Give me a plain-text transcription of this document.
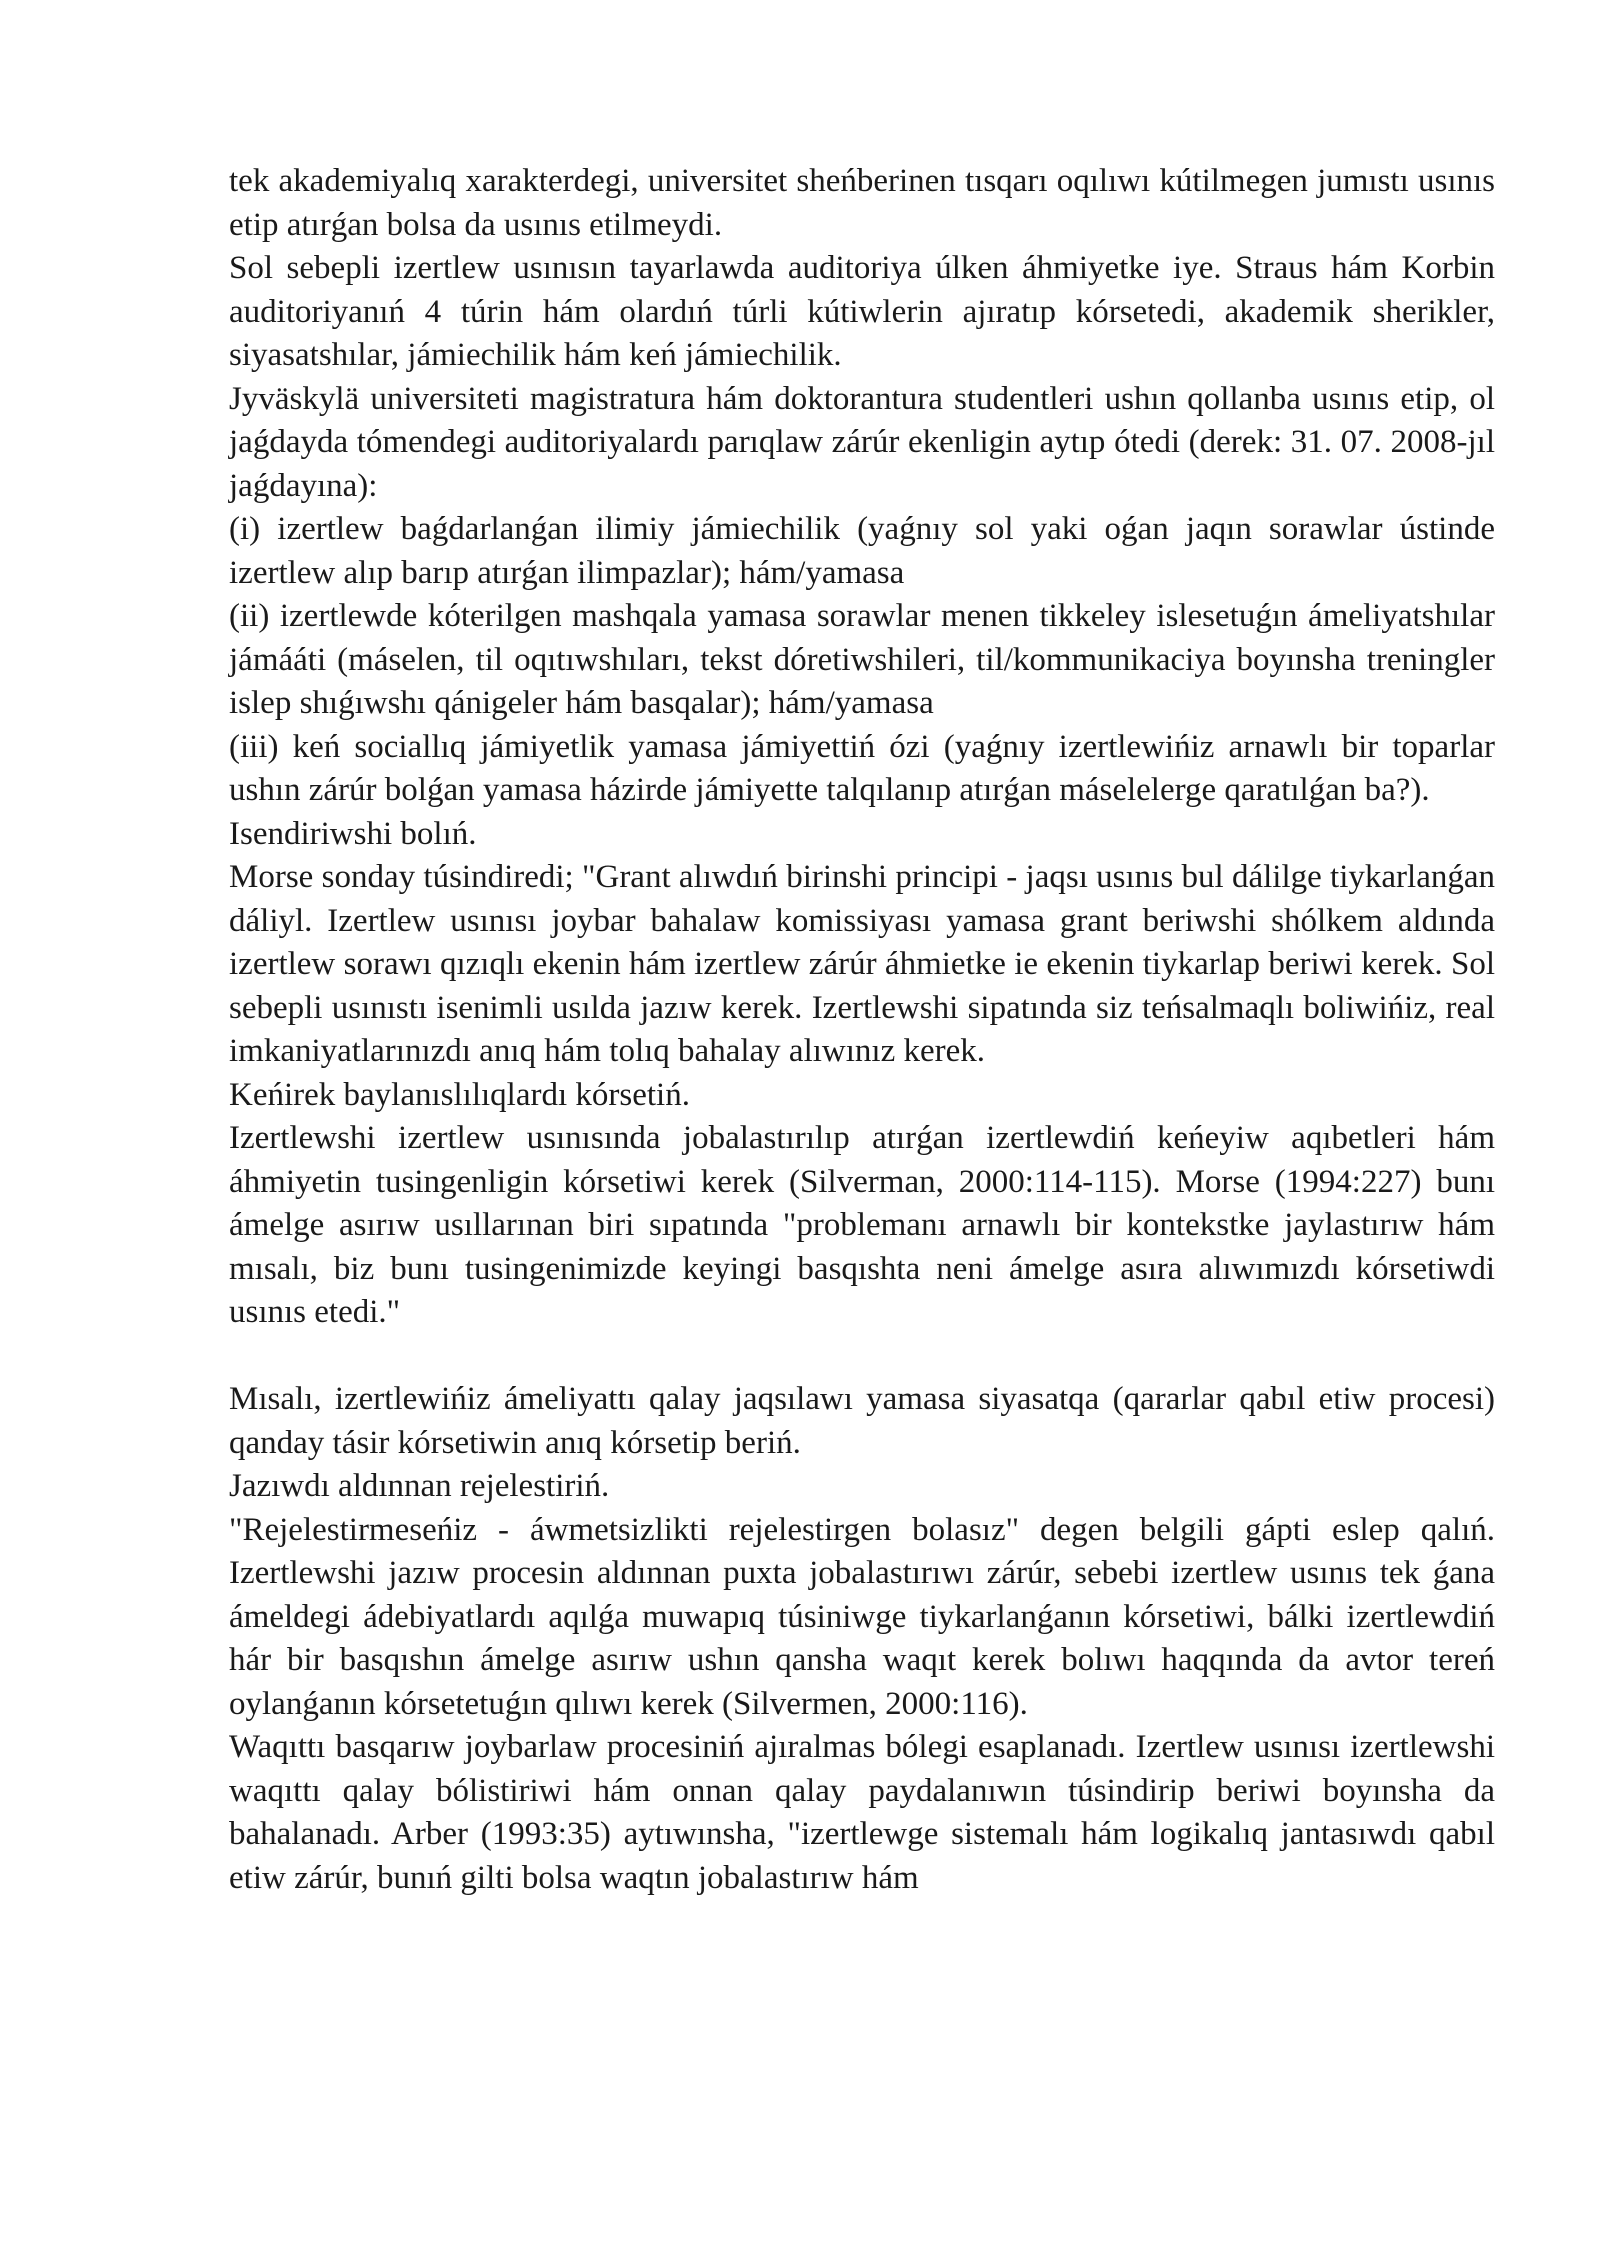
tek akademiyalıq xarakterdegi, universitet sheńberinen tısqarı oqılıwı kútilmegen jumıstı usınıs etip atırǵan bolsa da usınıs etilmeydi.

Sol sebepli izertlew usınısın tayarlawda auditoriya úlken áhmiyetke iye. Straus hám Korbin auditoriyanıń 4 túrin hám olardıń túrli kútiwlerin ajıratıp kórsetedi, akademik sherikler, siyasatshılar, jámiechilik hám keń jámiechilik.

Jyväskylä universiteti magistratura hám doktorantura studentleri ushın qollanba usınıs etip, ol jaǵdayda tómendegi auditoriyalardı parıqlaw zárúr ekenligin aytıp ótedi (derek: 31. 07. 2008-jıl jaǵdayına):

(i) izertlew baǵdarlanǵan ilimiy jámiechilik (yaǵnıy sol yaki oǵan jaqın sorawlar ústinde izertlew alıp barıp atırǵan ilimpazlar); hám/yamasa

(ii) izertlewde kóterilgen mashqala yamasa sorawlar menen tikkeley islesetuǵın ámeliyatshılar jámááti (máselen, til oqıtıwshıları, tekst dóretiwshileri, til/kommunikaciya boyınsha treningler islep shıǵıwshı qánigeler hám basqalar); hám/yamasa

(iii) keń sociallıq jámiyetlik yamasa jámiyettiń ózi (yaǵnıy izertlewińiz arnawlı bir toparlar ushın zárúr bolǵan yamasa házirde jámiyette talqılanıp atırǵan máselelerge qaratılǵan ba?).

Isendiriwshi bolıń.

Morse sonday túsindiredi; "Grant alıwdıń birinshi principi - jaqsı usınıs bul dálilge tiykarlanǵan dáliyl. Izertlew usınısı joybar bahalaw komissiyası yamasa grant beriwshi shólkem aldında izertlew sorawı qızıqlı ekenin hám izertlew zárúr áhmietke ie ekenin tiykarlap beriwi kerek. Sol sebepli usınıstı isenimli usılda jazıw kerek. Izertlewshi sipatında siz teńsalmaqlı boliwińiz, real imkaniyatlarınızdı anıq hám tolıq bahalay alıwınız kerek.

Keńirek baylanıslılıqlardı kórsetiń.

Izertlewshi izertlew usınısında jobalastırılıp atırǵan izertlewdiń keńeyiw aqıbetleri hám áhmiyetin tusingenligin kórsetiwi kerek (Silverman, 2000:114-115). Morse (1994:227) bunı ámelge asırıw usıllarınan biri sıpatında "problemanı arnawlı bir kontekstke jaylastırıw hám mısalı, biz bunı tusingenimizde keyingi basqıshta neni ámelge asıra alıwımızdı kórsetiwdi usınıs etedi."

Mısalı, izertlewińiz ámeliyattı qalay jaqsılawı yamasa siyasatqa (qararlar qabıl etiw procesi) qanday tásir kórsetiwin anıq kórsetip beriń.

Jazıwdı aldınnan rejelestiriń.

"Rejelestirmeseńiz - áwmetsizlikti rejelestirgen bolasız" degen belgili gápti eslep qalıń. Izertlewshi jazıw procesin aldınnan puxta jobalastırıwı zárúr, sebebi izertlew usınıs tek ǵana ámeldegi ádebiyatlardı aqılǵa muwapıq túsiniwge tiykarlanǵanın kórsetiwi, bálki izertlewdiń hár bir basqıshın ámelge asırıw ushın qansha waqıt kerek bolıwı haqqında da avtor tereń oylanǵanın kórsetetuǵın qılıwı kerek (Silvermen, 2000:116).

Waqıttı basqarıw joybarlaw procesiniń ajıralmas bólegi esaplanadı. Izertlew usınısı izertlewshi waqıttı qalay bólistiriwi hám onnan qalay paydalanıwın túsindirip beriwi boyınsha da bahalanadı. Arber (1993:35) aytıwınsha, "izertlewge sistemalı hám logikalıq jantasıwdı qabıl etiw zárúr, bunıń gilti bolsa waqtın jobalastırıw hám
